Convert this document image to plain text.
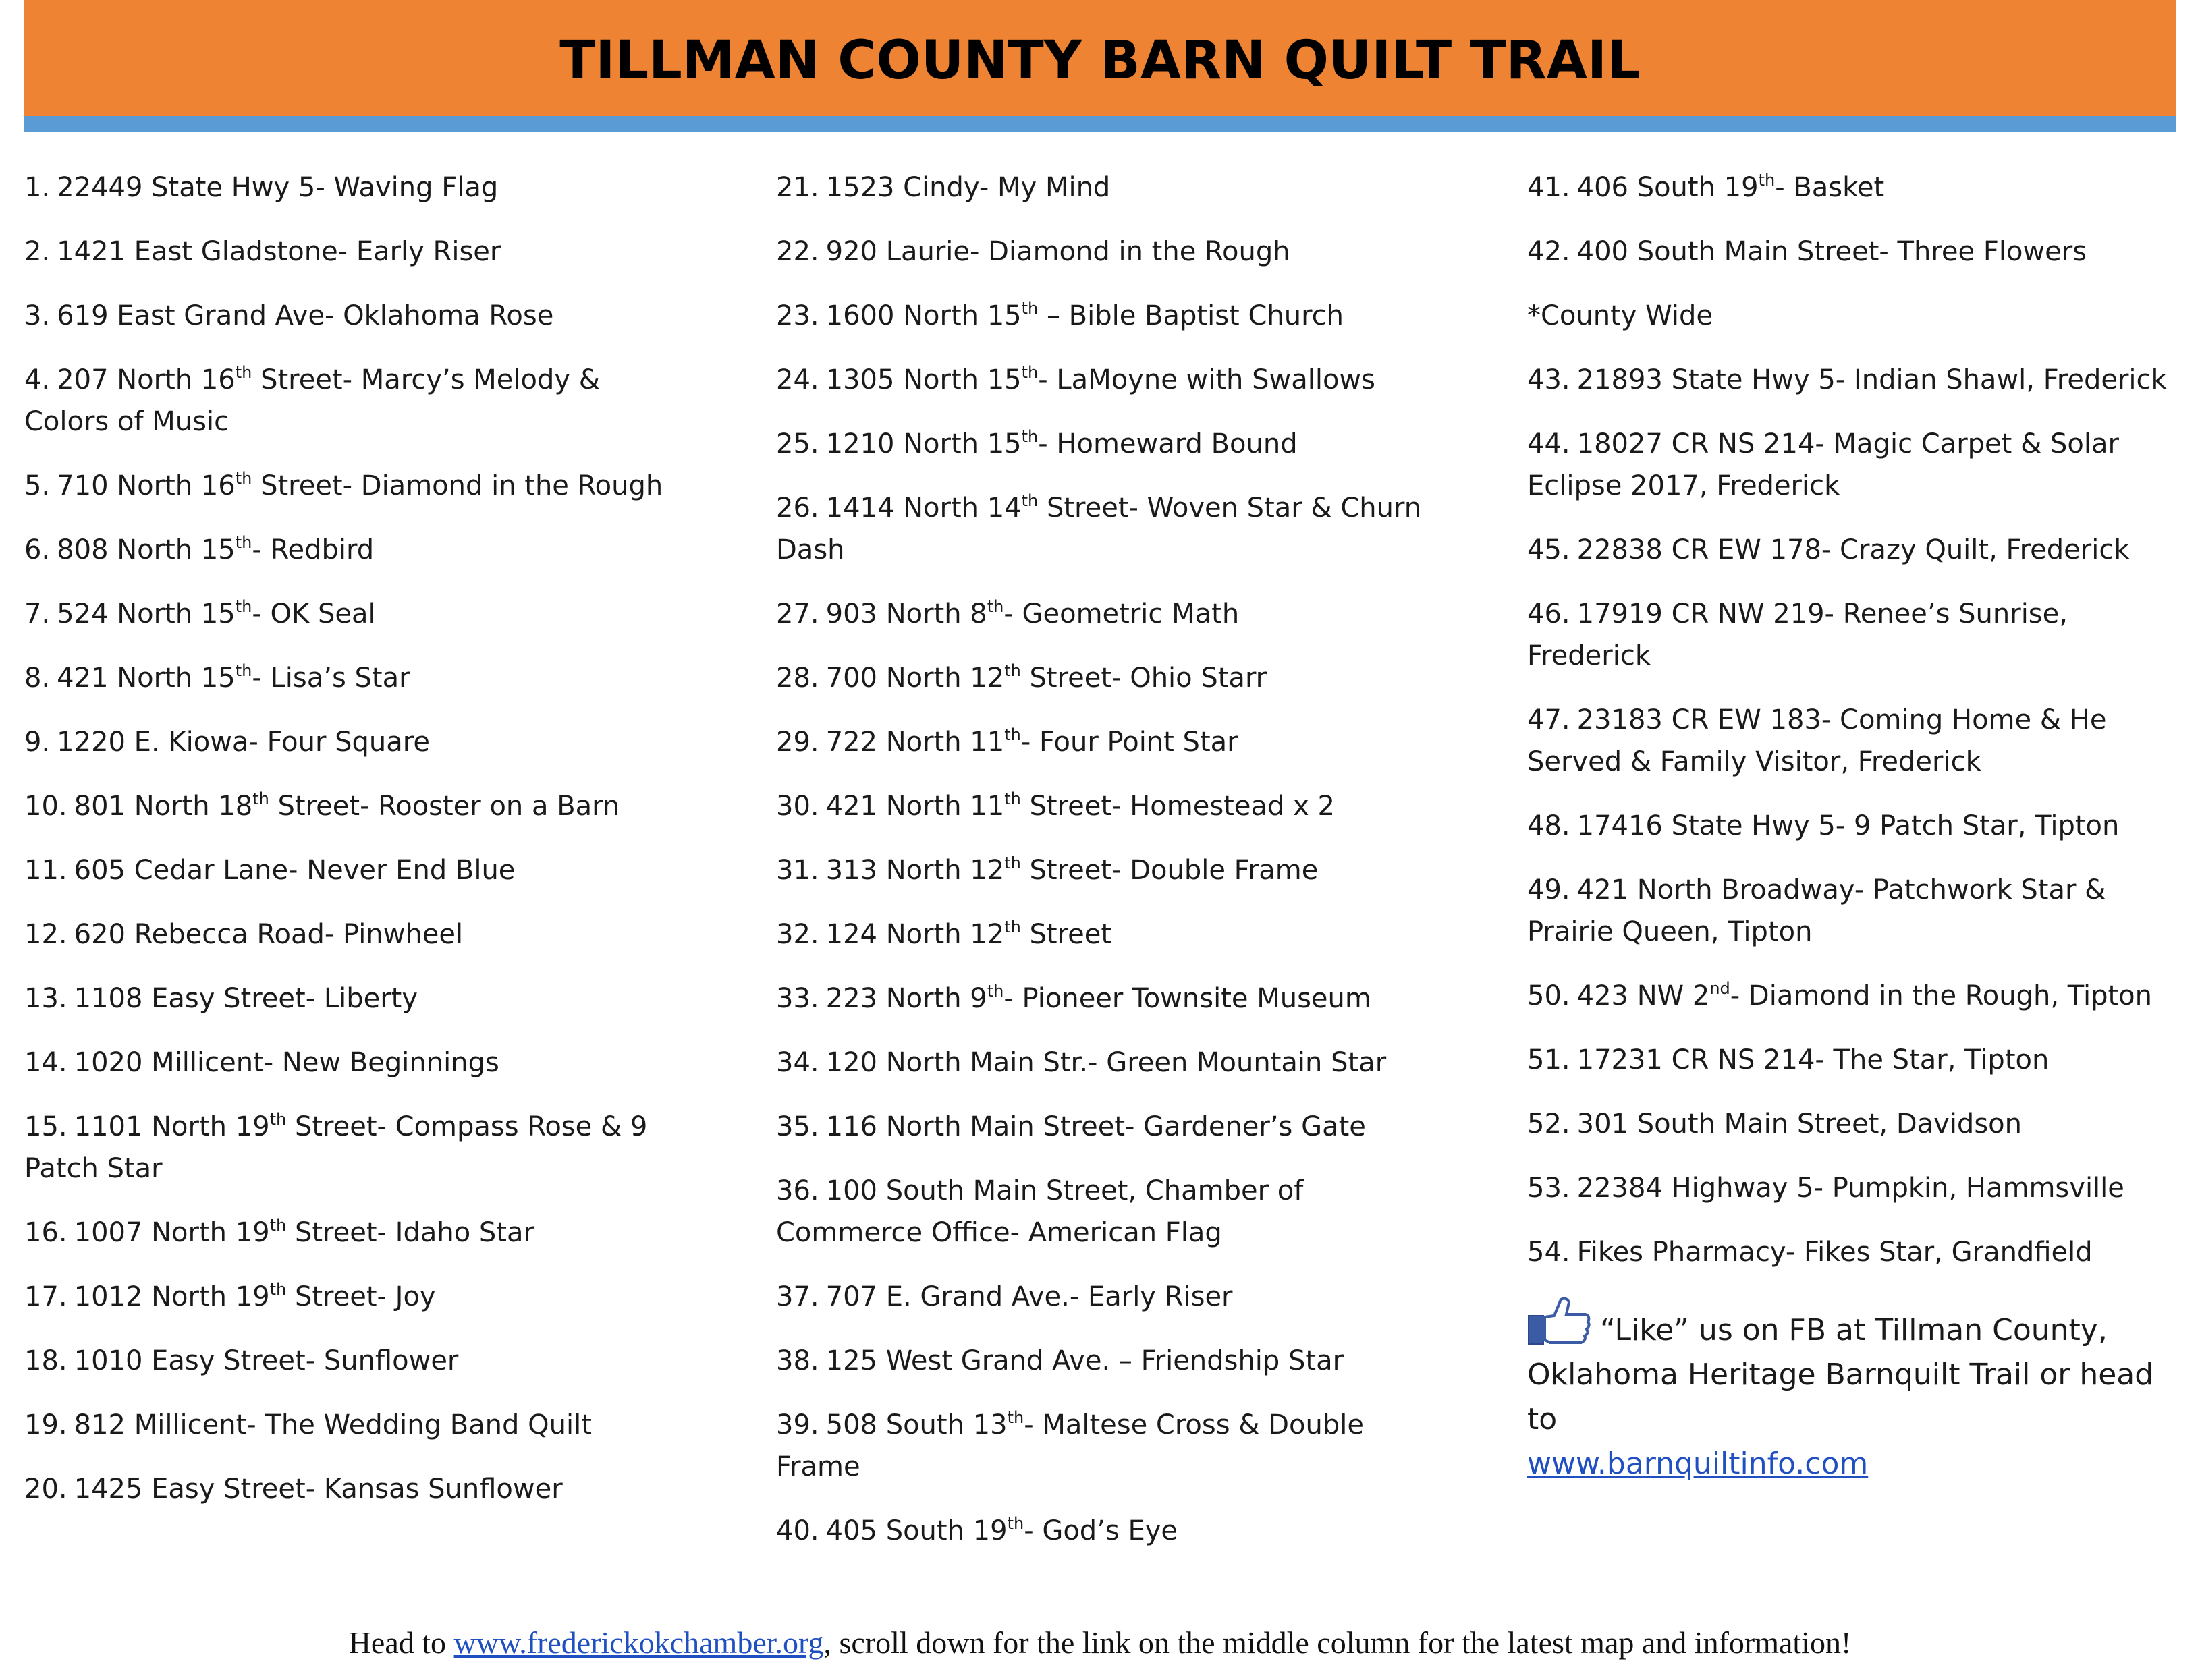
TILLMAN COUNTY BARN QUILT TRAIL
1. 22449 State Hwy 5- Waving Flag
2. 1421 East Gladstone- Early Riser
3. 619 East Grand Ave- Oklahoma Rose
4. 207 North 16th Street- Marcy’s Melody & Colors of Music
5. 710 North 16th Street- Diamond in the Rough
6. 808 North 15th- Redbird
7. 524 North 15th- OK Seal
8. 421 North 15th- Lisa’s Star
9. 1220 E. Kiowa- Four Square
10. 801 North 18th Street- Rooster on a Barn
11. 605 Cedar Lane- Never End Blue
12. 620 Rebecca Road- Pinwheel
13. 1108 Easy Street- Liberty
14. 1020 Millicent- New Beginnings
15. 1101 North 19th Street- Compass Rose & 9 Patch Star
16. 1007 North 19th Street- Idaho Star
17. 1012 North 19th Street- Joy
18. 1010 Easy Street- Sunflower
19. 812 Millicent- The Wedding Band Quilt
20. 1425 Easy Street- Kansas Sunflower
21. 1523 Cindy- My Mind
22. 920 Laurie- Diamond in the Rough
23. 1600 North 15th – Bible Baptist Church
24. 1305 North 15th- LaMoyne with Swallows
25. 1210 North 15th- Homeward Bound
26. 1414 North 14th Street- Woven Star & Churn Dash
27. 903 North 8th- Geometric Math
28. 700 North 12th Street- Ohio Starr
29. 722 North 11th- Four Point Star
30. 421 North 11th Street- Homestead x 2
31. 313 North 12th Street- Double Frame
32. 124 North 12th Street
33. 223 North 9th- Pioneer Townsite Museum
34. 120 North Main Str.- Green Mountain Star
35. 116 North Main Street- Gardener’s Gate
36. 100 South Main Street, Chamber of Commerce Office- American Flag
37. 707 E. Grand Ave.- Early Riser
38. 125 West Grand Ave. – Friendship Star
39. 508 South 13th- Maltese Cross & Double Frame
40. 405 South 19th- God’s Eye
41. 406 South 19th- Basket
42. 400 South Main Street- Three Flowers
*County Wide
43. 21893 State Hwy 5- Indian Shawl, Frederick
44. 18027 CR NS 214- Magic Carpet & Solar Eclipse 2017, Frederick
45. 22838 CR EW 178- Crazy Quilt, Frederick
46. 17919 CR NW 219- Renee’s Sunrise, Frederick
47. 23183 CR EW 183- Coming Home & He Served & Family Visitor, Frederick
48. 17416 State Hwy 5- 9 Patch Star, Tipton
49. 421 North Broadway- Patchwork Star & Prairie Queen, Tipton
50. 423 NW 2nd- Diamond in the Rough, Tipton
51. 17231 CR NS 214- The Star, Tipton
52. 301 South Main Street, Davidson
53. 22384 Highway 5- Pumpkin, Hammsville
54. Fikes Pharmacy- Fikes Star, Grandfield
“Like” us on FB at Tillman County, Oklahoma Heritage Barnquilt Trail or head to
www.barnquiltinfo.com
Head to www.frederickokchamber.org, scroll down for the link on the middle column for the latest map and information!
